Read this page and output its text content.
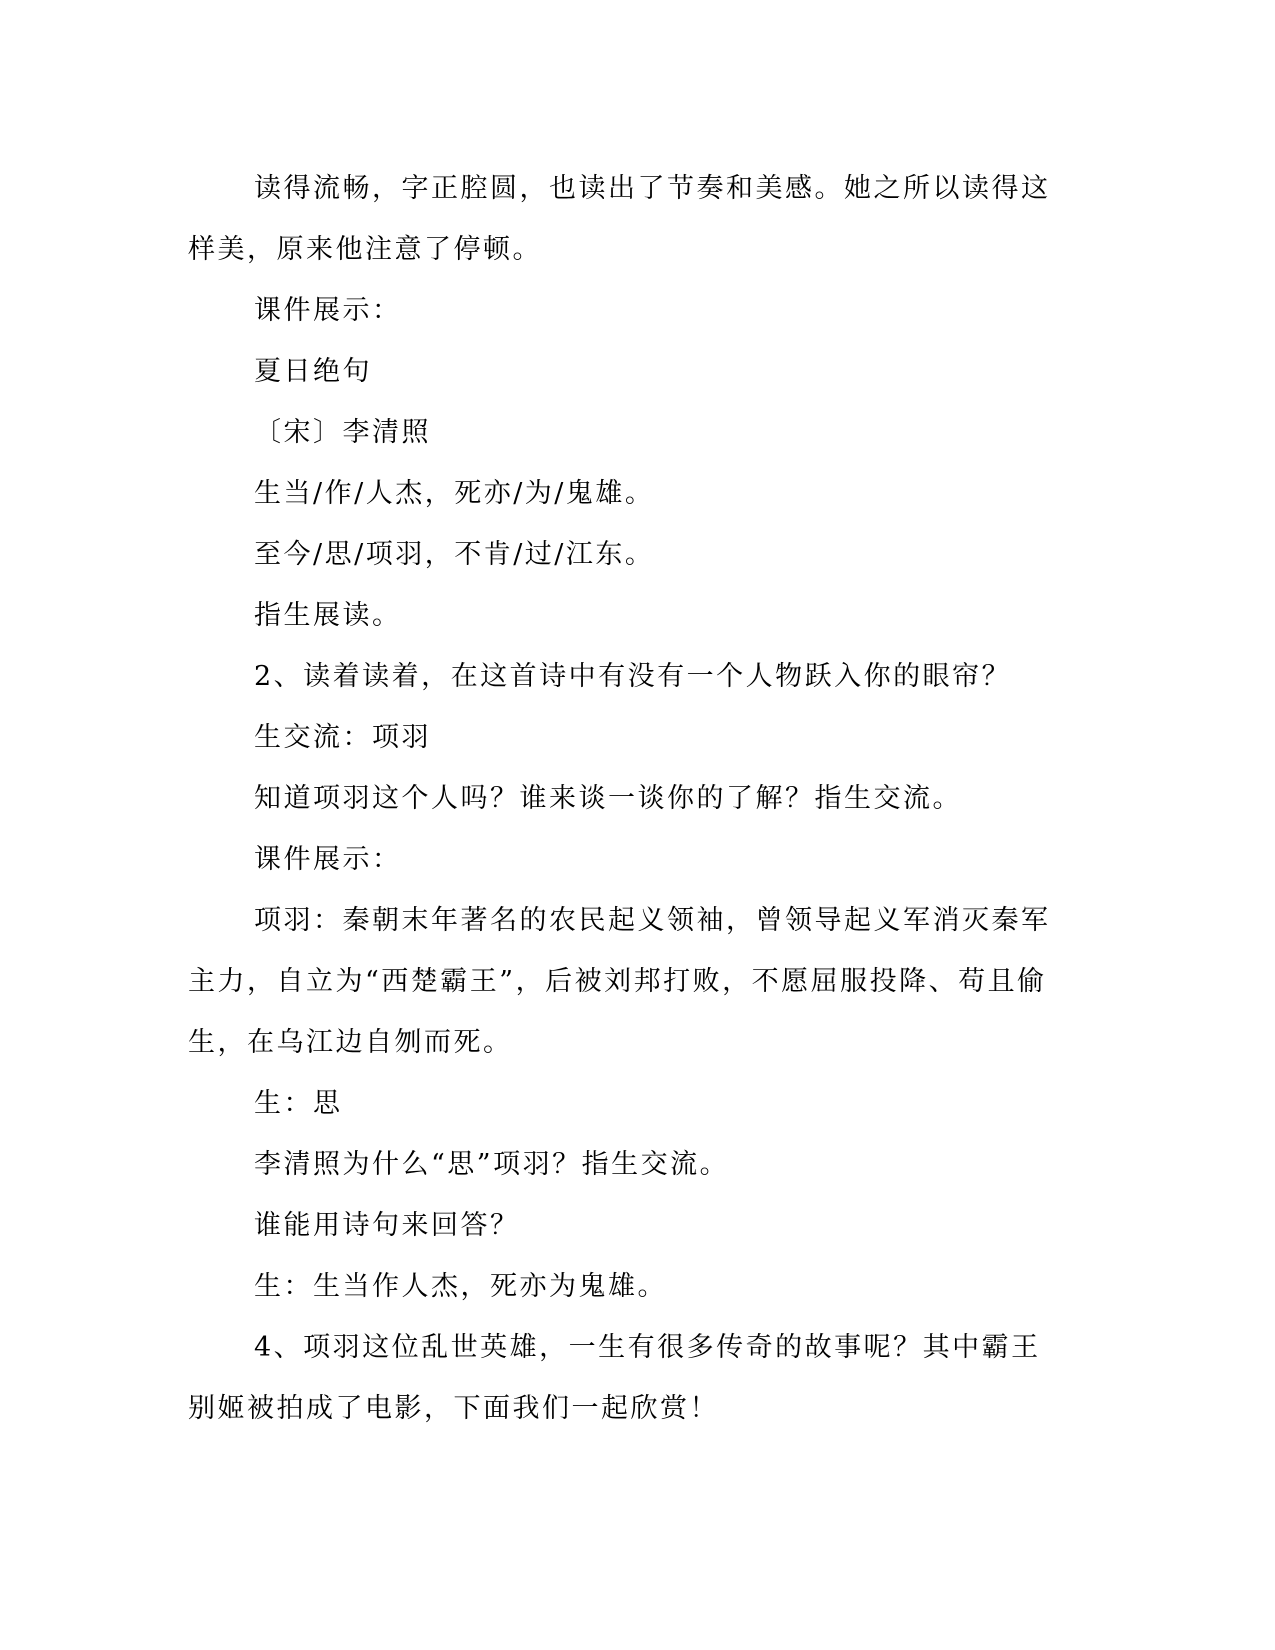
读得流畅，字正腔圆，也读出了节奏和美感。她之所以读得这样美，原来他注意了停顿。

课件展示：

夏日绝句

〔宋〕李清照

生当/作/人杰，死亦/为/鬼雄。

至今/思/项羽，不肯/过/江东。

指生展读。

2、读着读着，在这首诗中有没有一个人物跃入你的眼帘？

生交流：项羽

知道项羽这个人吗？谁来谈一谈你的了解？指生交流。

课件展示：

项羽：秦朝末年著名的农民起义领袖，曾领导起义军消灭秦军主力，自立为“西楚霸王”，后被刘邦打败，不愿屈服投降、苟且偷生，在乌江边自刎而死。

生：思

李清照为什么“思”项羽？指生交流。

谁能用诗句来回答？

生：生当作人杰，死亦为鬼雄。

4、项羽这位乱世英雄，一生有很多传奇的故事呢？其中霸王别姬被拍成了电影，下面我们一起欣赏！
